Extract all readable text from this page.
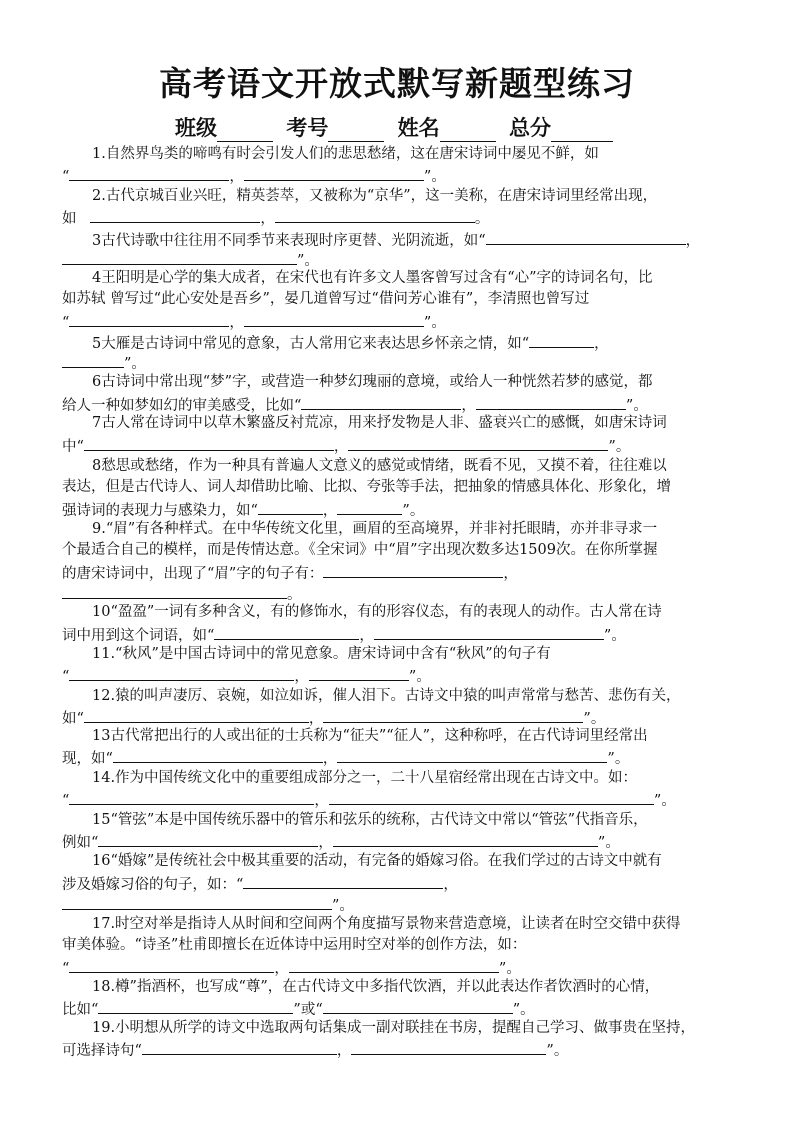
高考语文开放式默写新题型练习
班级	考号	姓名	总分
1.自然界鸟类的啼鸣有时会引发人们的悲思愁绪，这在唐宋诗词中屡见不鲜，如
“	，	”。
2.古代京城百业兴旺，精英荟萃，又被称为“京华”，这一美称，在唐宋诗词里经常出现，
如	，	。
3古代诗歌中往往用不同季节来表现时序更替、光阴流逝，如“	，
”。
4王阳明是心学的集大成者，在宋代也有许多文人墨客曾写过含有“心”字的诗词名句，比
如苏轼 曾写过“此心安处是吾乡”，晏几道曾写过“借问芳心谁有”，李清照也曾写过
“	，	”。
5大雁是古诗词中常见的意象，古人常用它来表达思乡怀亲之情，如“	，
”。
6古诗词中常出现“梦”字，或营造一种梦幻瑰丽的意境，或给人一种恍然若梦的感觉，都
给人一种如梦如幻的审美感受，比如“	，	”。
7古人常在诗词中以草木繁盛反衬荒凉，用来抒发物是人非、盛衰兴亡的感慨，如唐宋诗词
中“	，	”。
8愁思或愁绪，作为一种具有普遍人文意义的感觉或情绪，既看不见，又摸不着，往往难以
表达，但是古代诗人、词人却借助比喻、比拟、夸张等手法，把抽象的情感具体化、形象化，增
强诗词的表现力与感染力，如“	，	”。
9.“眉”有各种样式。在中华传统文化里，画眉的至高境界，并非衬托眼睛，亦并非寻求一
个最适合自己的模样，而是传情达意。《全宋词》中“眉”字出现次数多达1509次。在你所掌握
的唐宋诗词中，出现了“眉”字的句子有：	，
。
10“盈盈”一词有多种含义，有的修饰水，有的形容仪态，有的表现人的动作。古人常在诗
词中用到这个词语，如“	，	”。
11.“秋风”是中国古诗词中的常见意象。唐宋诗词中含有“秋风”的句子有
“	，	”。
12.猿的叫声凄厉、哀婉，如泣如诉，催人泪下。古诗文中猿的叫声常常与愁苦、悲伤有关，
如“	，	”。
13古代常把出行的人或出征的士兵称为“征夫”“征人”，这种称呼，在古代诗词里经常出
现，如“	，	”。
14.作为中国传统文化中的重要组成部分之一，二十八星宿经常出现在古诗文中。如：
“	，	”。
15“管弦”本是中国传统乐器中的管乐和弦乐的统称，古代诗文中常以“管弦”代指音乐，
例如“	，	”。
16“婚嫁”是传统社会中极其重要的活动，有完备的婚嫁习俗。在我们学过的古诗文中就有
涉及婚嫁习俗的句子，如：“	，
”。
17.时空对举是指诗人从时间和空间两个角度描写景物来营造意境，让读者在时空交错中获得
审美体验。“诗圣”杜甫即擅长在近体诗中运用时空对举的创作方法，如：
“	，	”。
18.樽”指酒杯，也写成“尊”，在古代诗文中多指代饮酒，并以此表达作者饮酒时的心情，
比如“	”或“	”。
19.小明想从所学的诗文中选取两句话集成一副对联挂在书房，提醒自己学习、做事贵在坚持，
可选择诗句“	，	”。
